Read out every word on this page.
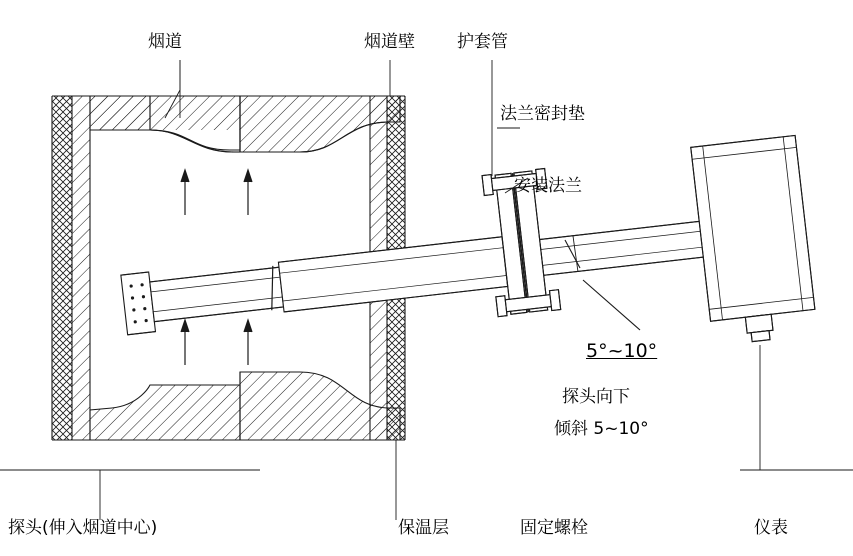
烟道	烟道壁 护套管
法兰密封垫
安装法兰
5°~10°
探头向下
倾斜 5~10°
探头(伸入烟道中心)	保温层	固定螺栓	仪表
